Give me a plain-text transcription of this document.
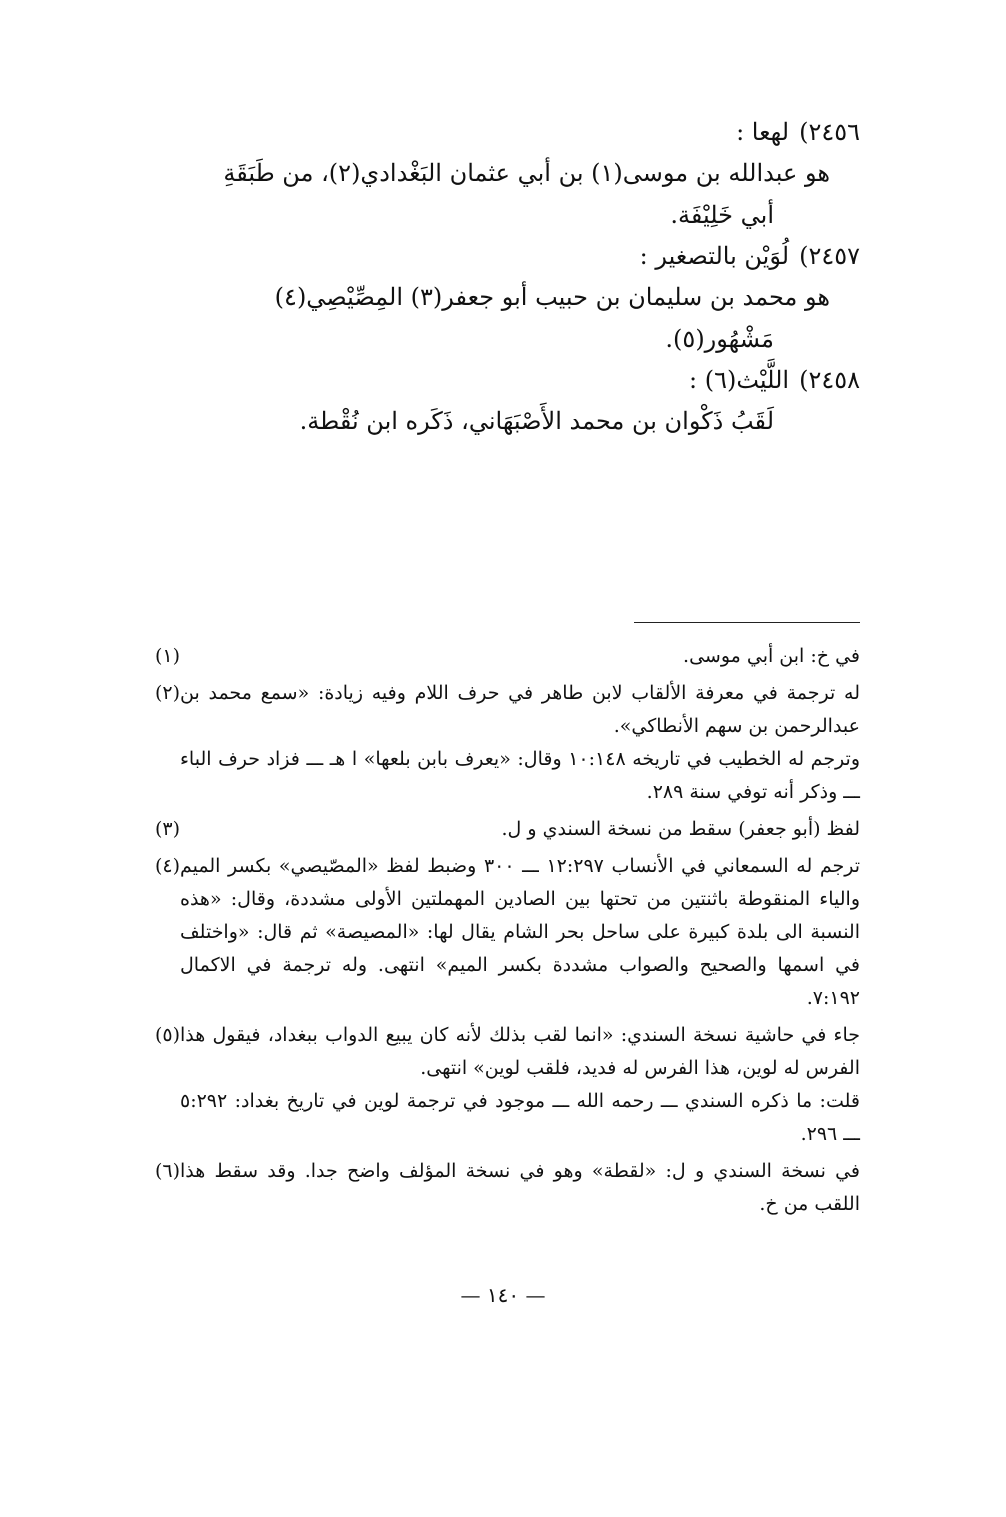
٢٤٥٦)لهعا :
هو عبدالله بن موسى(١) بن أبي عثمان البَغْدادي(٢)، من طَبَقَةِ
أبي خَلِيْفَة.
٢٤٥٧)لُوَيْن بالتصغير :
هو محمد بن سليمان بن حبيب أبو جعفر(٣) المِصِّيْصِي(٤)
مَشْهُور(٥).
٢٤٥٨)اللَّيْث(٦) :
لَقَبُ ذَكْوان بن محمد الأَصْبَهَاني، ذَكَره ابن نُقْطة.
(١)	في خ: ابن أبي موسى.

(٢) له ترجمة في معرفة الألقاب لابن طاهر في حرف اللام وفيه زيادة: «سمع محمد بن عبدالرحمن بن سهم الأنطاكي».

وترجم له الخطيب في تاريخه ١٠:١٤٨ وقال: «يعرف بابن بلعها» ا هـ ـــ فزاد حرف الباء ـــ وذكر أنه توفي سنة ٢٨٩.

(٣)	لفظ (أبو جعفر) سقط من نسخة السندي و ل.

(٤) ترجم له السمعاني في الأنساب ١٢:٢٩٧ ـــ ٣٠٠ وضبط لفظ «المصّيصي» بكسر الميم والياء المنقوطة باثنتين من تحتها بين الصادين المهملتين الأولى مشددة، وقال: «هذه النسبة الى بلدة كبيرة على ساحل بحر الشام يقال لها: «المصيصة» ثم قال: «واختلف في اسمها والصحيح والصواب مشددة بكسر الميم» انتهى. وله ترجمة في الاكمال ٧:١٩٢.

(٥) جاء في حاشية نسخة السندي: «انما لقب بذلك لأنه كان يبيع الدواب ببغداد، فيقول هذا الفرس له لوين، هذا الفرس له فديد، فلقب لوين» انتهى.

قلت: ما ذكره السندي ـــ رحمه الله ـــ موجود في ترجمة لوين في تاريخ بغداد: ٥:٢٩٢ ـــ ٢٩٦.

(٦) في نسخة السندي و ل: «لقطة» وهو في نسخة المؤلف واضح جدا. وقد سقط هذا اللقب من خ.

— ١٤٠ —
